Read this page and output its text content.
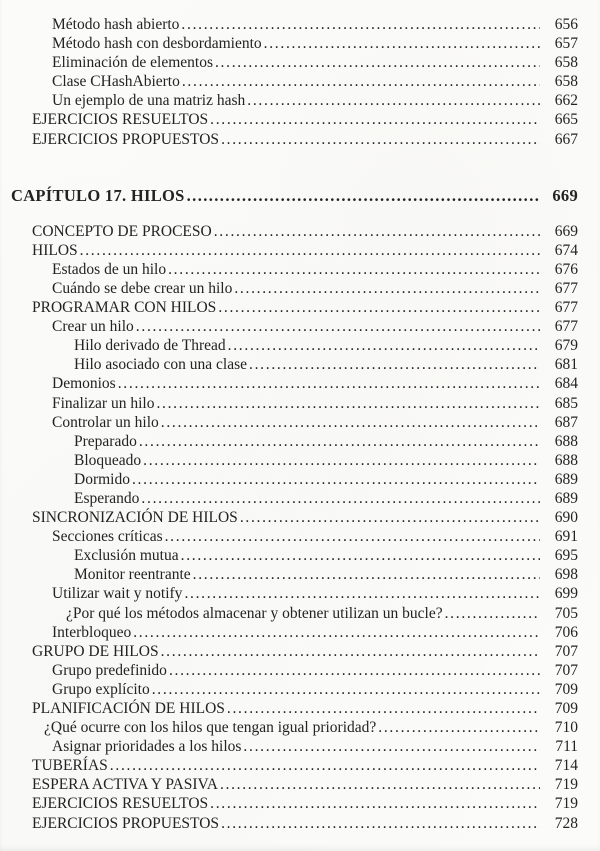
Método hash abierto .....	656
Método hash con desbordamiento .....	657
Eliminación de elementos .....	658
Clase CHashAbierto .....	658
Un ejemplo de una matriz hash .....	662
EJERCICIOS RESUELTOS .....	665
EJERCICIOS PROPUESTOS .....	667
CAPÍTULO 17. HILOS .....	669
CONCEPTO DE PROCESO .....	669
HILOS .....	674
Estados de un hilo .....	676
Cuándo se debe crear un hilo .....	677
PROGRAMAR CON HILOS .....	677
Crear un hilo .....	677
Hilo derivado de Thread .....	679
Hilo asociado con una clase .....	681
Demonios .....	684
Finalizar un hilo .....	685
Controlar un hilo .....	687
Preparado .....	688
Bloqueado .....	688
Dormido .....	689
Esperando .....	689
SINCRONIZACIÓN DE HILOS .....	690
Secciones críticas .....	691
Exclusión mutua .....	695
Monitor reentrante .....	698
Utilizar wait y notify .....	699
¿Por qué los métodos almacenar y obtener utilizan un bucle? .....	705
Interbloqueo .....	706
GRUPO DE HILOS .....	707
Grupo predefinido .....	707
Grupo explícito .....	709
PLANIFICACIÓN DE HILOS .....	709
¿Qué ocurre con los hilos que tengan igual prioridad? .....	710
Asignar prioridades a los hilos .....	711
TUBERÍAS .....	714
ESPERA ACTIVA Y PASIVA .....	719
EJERCICIOS RESUELTOS .....	719
EJERCICIOS PROPUESTOS .....	728
